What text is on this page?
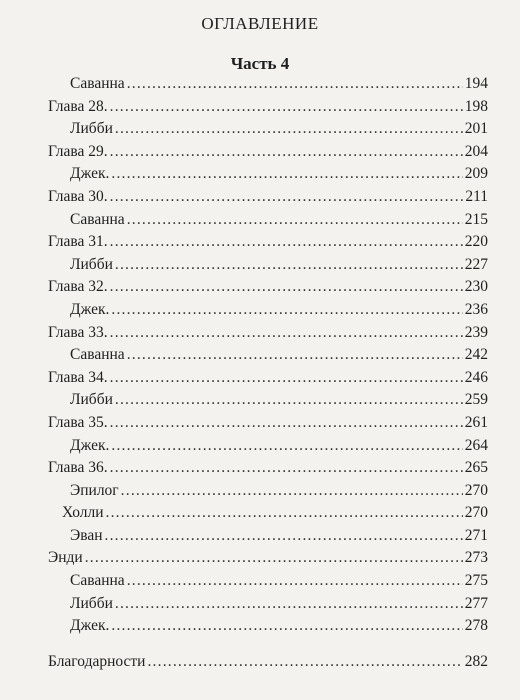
ОГЛАВЛЕНИЕ
Часть 4
Саванна .....	194
Глава 28. .....	198
Либби .....	201
Глава 29. .....	204
Джек. .....	209
Глава 30. .....	211
Саванна .....	215
Глава 31. .....	220
Либби .....	227
Глава 32. .....	230
Джек. .....	236
Глава 33. .....	239
Саванна .....	242
Глава 34. .....	246
Либби .....	259
Глава 35. .....	261
Джек. .....	264
Глава 36. .....	265
Эпилог .....	270
Холли .....	270
Эван .....	271
Энди .....	273
Саванна .....	275
Либби .....	277
Джек. .....	278
Благодарности .....	282
